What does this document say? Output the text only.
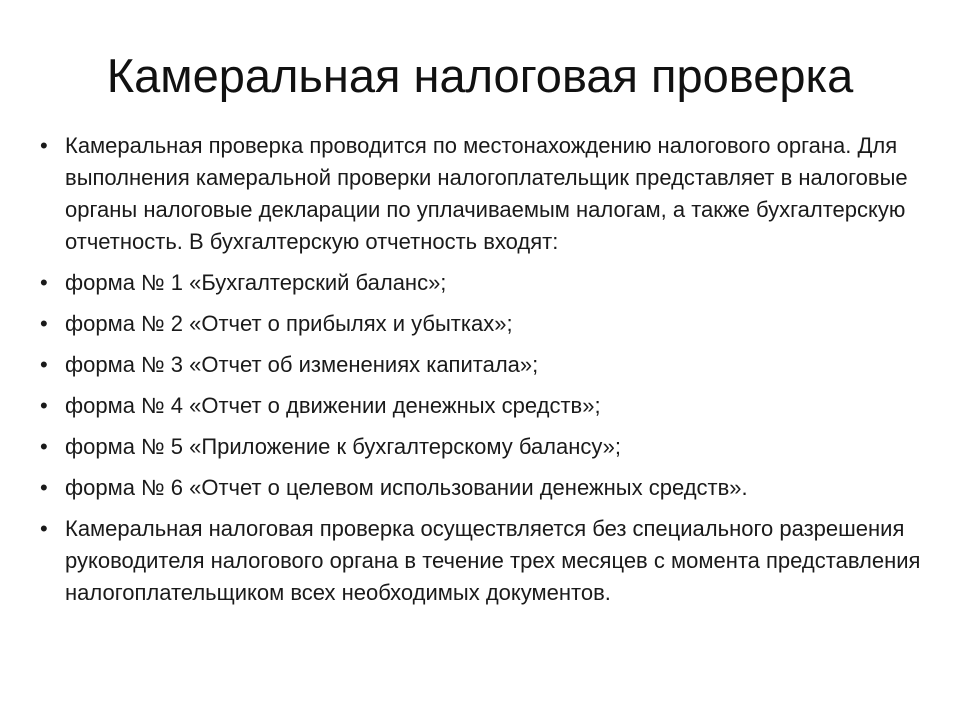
Камеральная налоговая проверка
• Камеральная проверка проводится по местонахождению налогового органа. Для выполнения камеральной проверки налогоплательщик представляет в налоговые органы налоговые декларации по уплачиваемым налогам, а также бухгалтерскую отчетность. В бухгалтерскую отчетность входят:
• форма № 1 «Бухгалтерский баланс»;
• форма № 2 «Отчет о прибылях и убытках»;
• форма № 3 «Отчет об изменениях капитала»;
• форма № 4 «Отчет о движении денежных средств»;
• форма № 5 «Приложение к бухгалтерскому балансу»;
• форма № 6 «Отчет о целевом использовании денежных средств».
• Камеральная налоговая проверка осуществляется без специального разрешения руководителя налогового органа в течение трех месяцев с момента представления налогоплательщиком всех необходимых документов.
